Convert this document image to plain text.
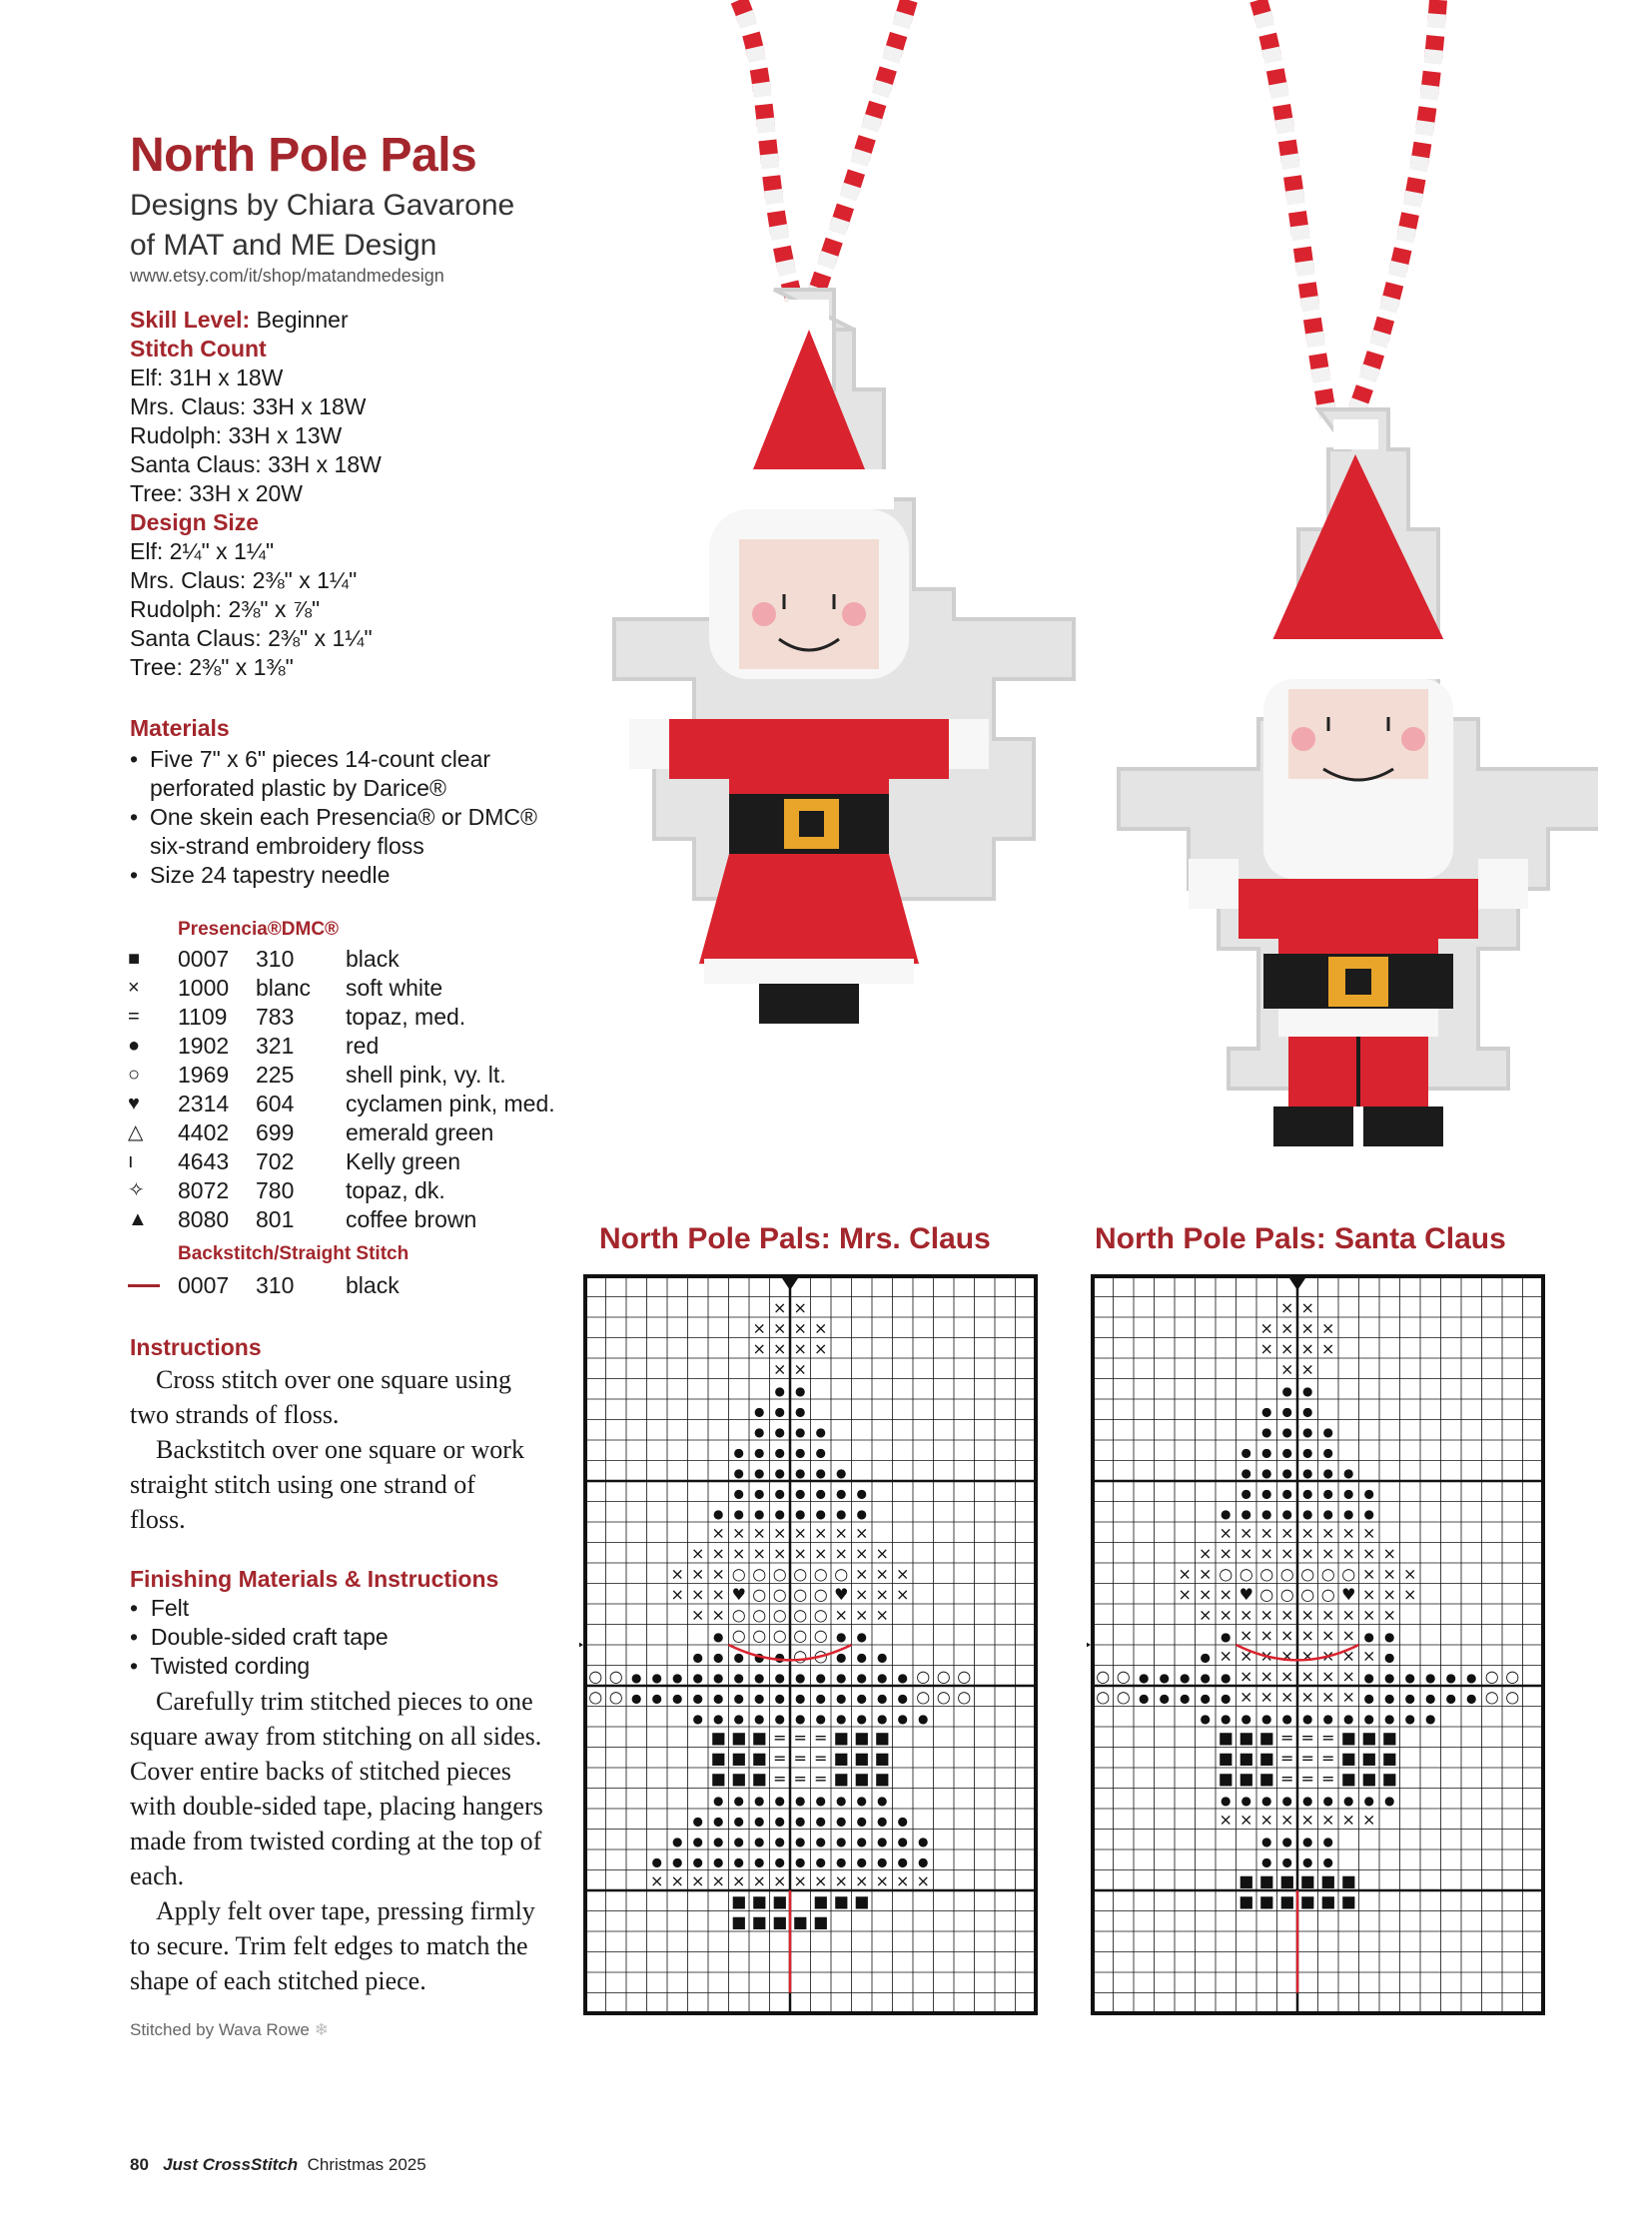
North Pole Pals
Designs by Chiara Gavarone
of MAT and ME Design
www.etsy.com/it/shop/matandmedesign
Skill Level: Beginner
Stitch Count
Elf: 31H x 18W
Mrs. Claus: 33H x 18W
Rudolph: 33H x 13W
Santa Claus: 33H x 18W
Tree: 33H x 20W
Design Size
Elf: 2¼" x 1¼"
Mrs. Claus: 2⅜" x 1¼"
Rudolph: 2⅜" x ⅞"
Santa Claus: 2⅜" x 1¼"
Tree: 2⅜" x 1⅜"
Materials
• Five 7" x 6" pieces 14-count clear perforated plastic by Darice®
• One skein each Presencia® or DMC® six-strand embroidery floss
• Size 24 tapestry needle
Presencia®DMC®
■	0007	310	black
×	1000	blanc	soft white
=	1109	783	topaz, med.
●	1902	321	red
○	1969	225	shell pink, vy. lt.
♥	2314	604	cyclamen pink, med.
△	4402	699	emerald green
ı	4643	702	Kelly green
✧	8072	780	topaz, dk.
▲	8080	801	coffee brown
Backstitch/Straight Stitch
0007	310	black
Instructions
Cross stitch over one square using two strands of floss.
Backstitch over one square or work straight stitch using one strand of floss.
Finishing Materials & Instructions
•  Felt
•  Double-sided craft tape
•  Twisted cording
Carefully trim stitched pieces to one square away from stitching on all sides. Cover entire backs of stitched pieces with double-sided tape, placing hangers made from twisted cording at the top of each.
Apply felt over tape, pressing firmly to secure. Trim felt edges to match the shape of each stitched piece.
Stitched by Wava Rowe ❄
North Pole Pals: Mrs. Claus	North Pole Pals: Santa Claus
× ×
× × × ×
× × × ×
× ×
● ●
● ● ●
● ● ● ●
● ● ● ● ●
● ● ● ● ● ●
● ● ● ● ● ● ●
● ● ● ● ● ● ● ●
× × × × × × × ×
× × × × × × × × × ×
× × × ○ ○ ○ ○ ○ ○ × × ×
× × × ♥ ○ ○ ○ ○ ♥ × × ×
× × ○ ○ ○ ○ ○ × × ×
● ○ ○ ○ ○ ○ ● ●
● ● ● ● ● ○ ○ ● ● ●
○ ○ ● ● ● ● ● ● ● ● ● ● ● ● ● ● ○ ○ ○
○ ○ ● ● ● ● ● ● ● ● ● ● ● ● ● ● ○ ○ ○
● ● ● ● ● ● ● ● ● ● ● ●
■ ■ ■ = = = ■ ■ ■
■ ■ ■ = = = ■ ■ ■
■ ■ ■ = = = ■ ■ ■
● ● ● ● ● ● ● ● ●
● ● ● ● ● ● ● ● ● ● ●
● ● ● ● ● ● ● ● ● ● ● ● ●
● ● ● ● ● ● ● ● ● ● ● ● ● ●
× × × × × × × × × × × × × ×
■ ■ ■ ■ ■ ■
■ ■ ■ ■ ■
× ×
× × × ×
× × × ×
× ×
● ●
● ● ●
● ● ● ●
● ● ● ● ●
● ● ● ● ● ●
● ● ● ● ● ● ●
● ● ● ● ● ● ● ●
× × × × × × × ×
× × × × × × × × × ×
× × ○ ○ ○ ○ ○ ○ ○ × × ×
× × × ♥ ○ ○ ○ ○ ♥ × × ×
× × × × × × × × × ×
● × × × × × × ● ●
● × × × × × × × × ●
○ ○ ● ● ● ● ● × × × × × × ● ● ● ● ● ● ○ ○
○ ○ ● ● ● ● ● × × × × × × ● ● ● ● ● ● ○ ○
● ● ● ● ● ● ● ● ● ● ● ●
■ ■ ■ = = = ■ ■ ■
■ ■ ■ = = = ■ ■ ■
■ ■ ■ = = = ■ ■ ■
● ● ● ● ● ● ● ● ●
× × × × × × × ×
● ● ● ●
● ● ● ●
■ ■ ■ ■ ■ ■
■ ■ ■ ■ ■ ■
80 Just CrossStitch Christmas 2025
